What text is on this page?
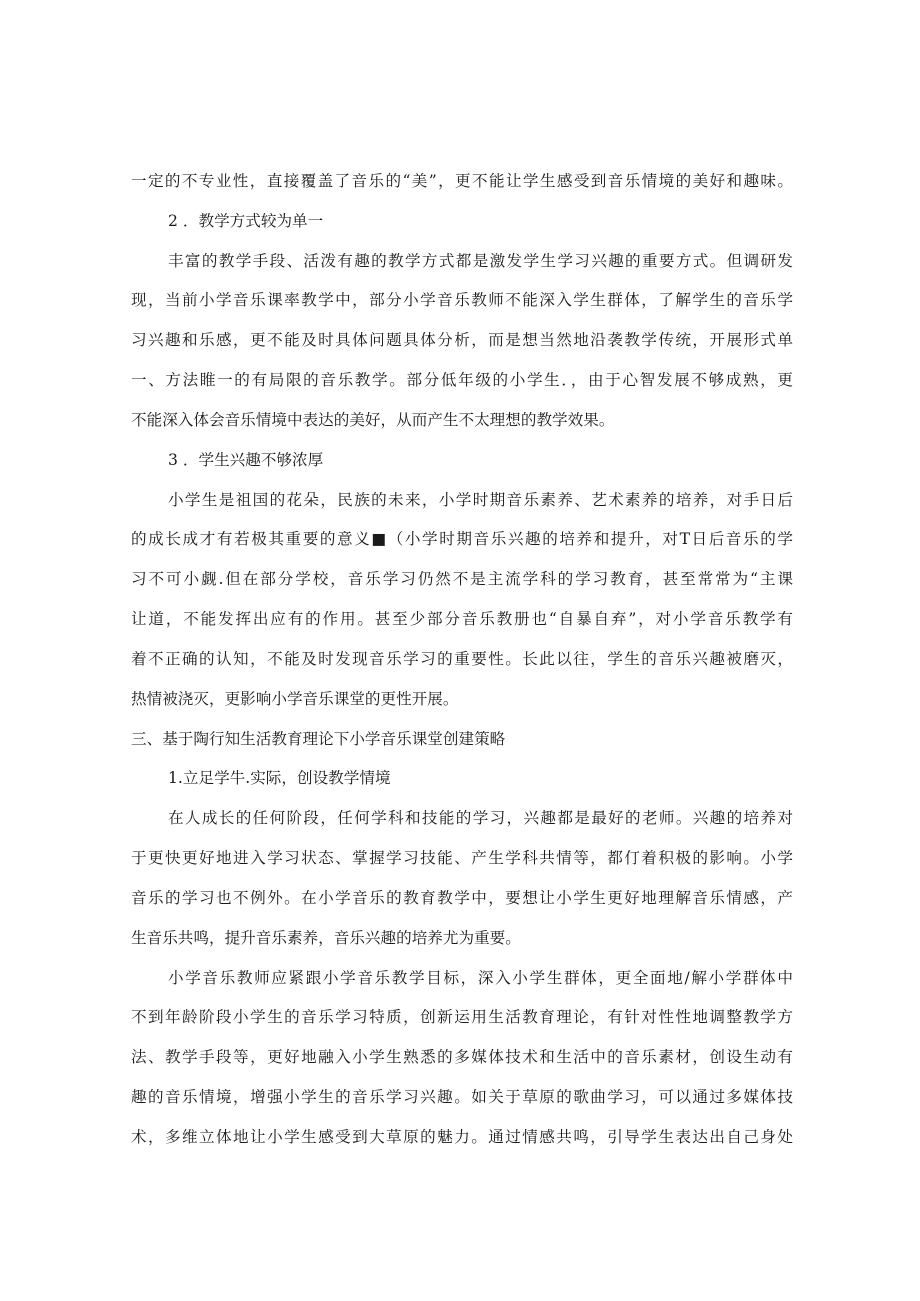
一定的不专业性，直接覆盖了音乐的“美”，更不能让学生感受到音乐情境的美好和趣味。
2 ．教学方式较为单一
丰富的教学手段、活泼有趣的教学方式都是激发学生学习兴趣的重要方式。但调研发
现，当前小学音乐课率教学中，部分小学音乐教师不能深入学生群体，了解学生的音乐学
习兴趣和乐感，更不能及时具体问题具体分析，而是想当然地沿袭教学传统，开展形式单
一、方法睢一的有局限的音乐教学。部分低年级的小学生．，由于心智发展不够成熟，更
不能深入体会音乐情境中表达的美好，从而产生不太理想的教学效果。
3 ．学生兴趣不够浓厚
小学生是祖国的花朵，民族的未来，小学时期音乐素养、艺术素养的培养，对手日后
的成长成才有若极其重要的意义■（小学时期音乐兴趣的培养和提升，对T日后音乐的学
习不可小觑.但在部分学校，音乐学习仍然不是主流学科的学习教育，甚至常常为“主课
让道，不能发挥出应有的作用。甚至少部分音乐教册也“自暴自弃”，对小学音乐教学有
着不正确的认知，不能及时发现音乐学习的重要性。长此以往，学生的音乐兴趣被磨灭，
热情被浇灭，更影响小学音乐课堂的更性开展。
三、基于陶行知生活教育理论下小学音乐课堂创建策略
1.立足学牛.实际，创设教学情境
在人成长的任何阶段，任何学科和技能的学习，兴趣都是最好的老师。兴趣的培养对
于更快更好地进入学习状态、掌握学习技能、产生学科共情等，都仃着积极的影响。小学
音乐的学习也不例外。在小学音乐的教育教学中，要想让小学生更好地理解音乐情感，产
生音乐共鸣，提升音乐素养，音乐兴趣的培养尤为重要。
小学音乐教师应紧跟小学音乐教学目标，深入小学生群体，更全面地/解小学群体中
不到年龄阶段小学生的音乐学习特质，创新运用生活教育理论，有针对性性地调整教学方
法、教学手段等，更好地融入小学生熟悉的多媒体技术和生活中的音乐素材，创设生动有
趣的音乐情境，增强小学生的音乐学习兴趣。如关于草原的歌曲学习，可以通过多媒体技
术，多维立体地让小学生感受到大草原的魅力。通过情感共鸣，引导学生表达出自己身处
